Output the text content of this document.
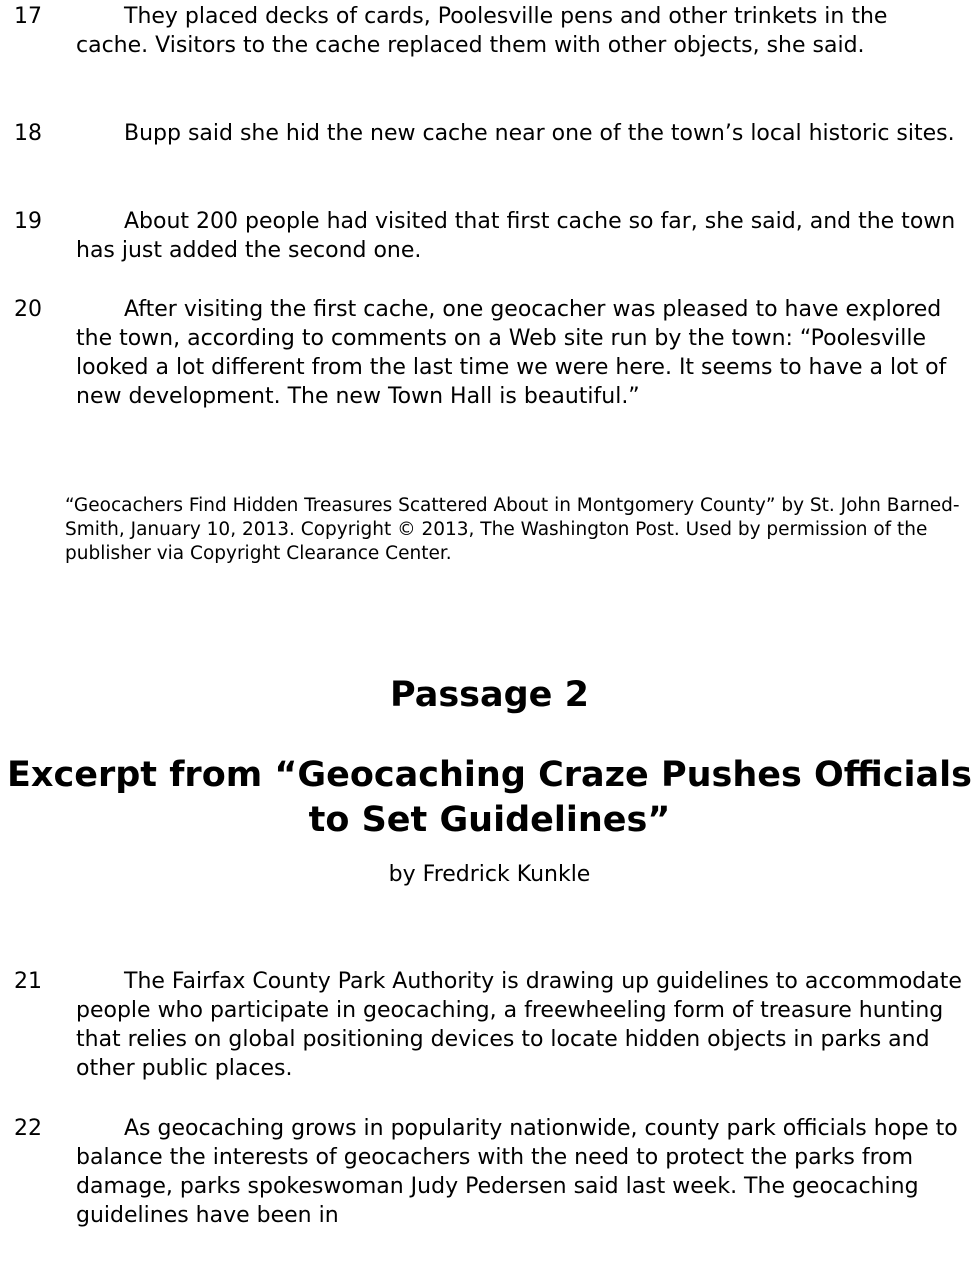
17	They placed decks of cards, Poolesville pens and other trinkets in the cache. Visitors to the cache replaced them with other objects, she said.

18	Bupp said she hid the new cache near one of the town’s local historic sites.

19	About 200 people had visited that first cache so far, she said, and the town has just added the second one.

20	After visiting the first cache, one geocacher was pleased to have explored the town, according to comments on a Web site run by the town: “Poolesville looked a lot different from the last time we were here. It seems to have a lot of new development. The new Town Hall is beautiful.”

“Geocachers Find Hidden Treasures Scattered About in Montgomery County” by St. John Barned-Smith, January 10, 2013. Copyright © 2013, The Washington Post. Used by permission of the publisher via Copyright Clearance Center.

Passage 2
Excerpt from “Geocaching Craze Pushes Officials to Set Guidelines”

by Fredrick Kunkle

21	The Fairfax County Park Authority is drawing up guidelines to accommodate people who participate in geocaching, a freewheeling form of treasure hunting that relies on global positioning devices to locate hidden objects in parks and other public places.

22	As geocaching grows in popularity nationwide, county park officials hope to balance the interests of geocachers with the need to protect the parks from damage, parks spokeswoman Judy Pedersen said last week. The geocaching guidelines have been in
